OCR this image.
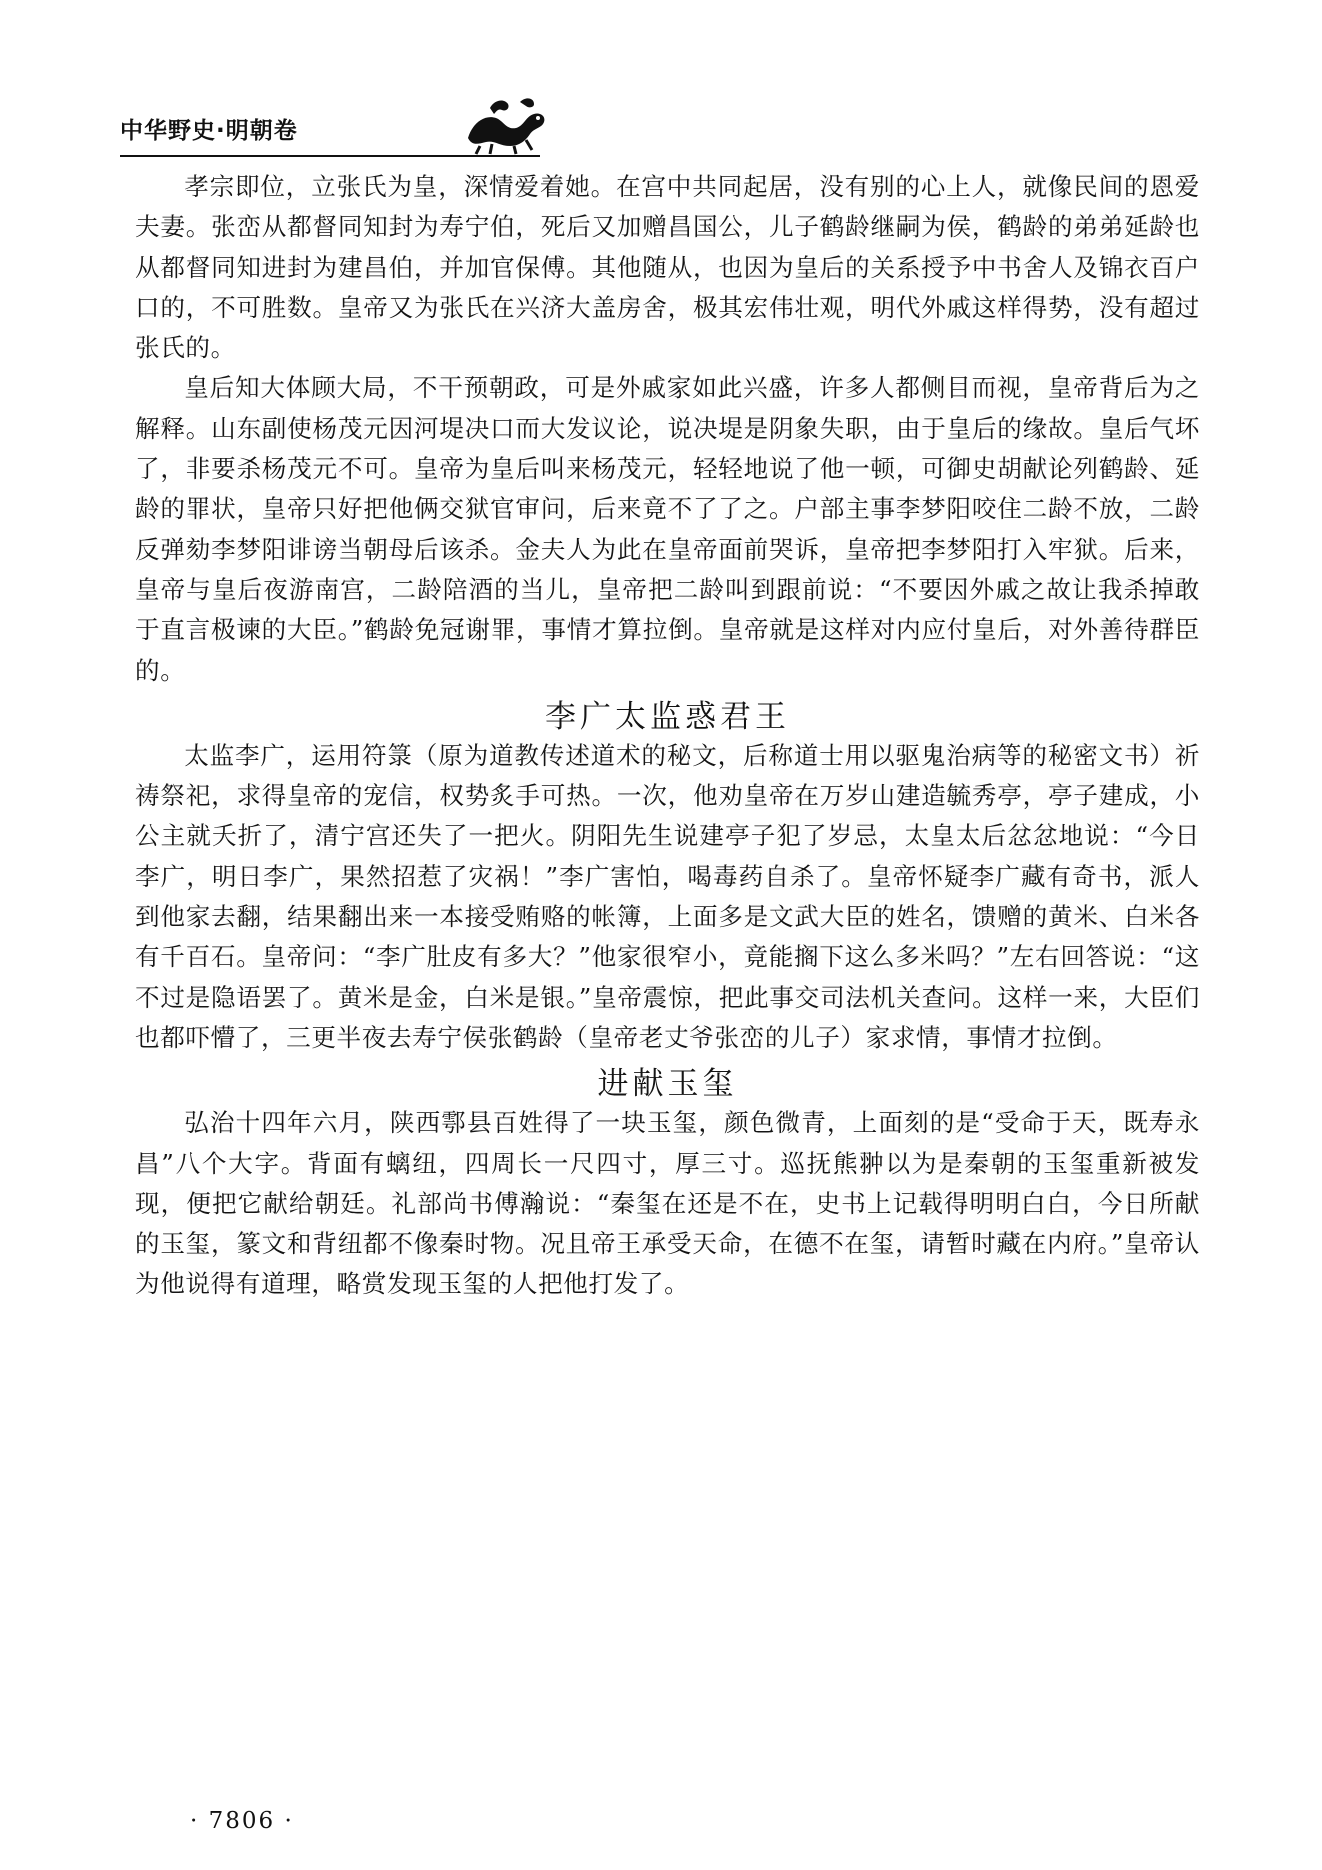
中华野史·明朝卷

孝宗即位，立张氏为皇，深情爱着她。在宫中共同起居，没有别的心上人，就像民间的恩爱夫妻。张峦从都督同知封为寿宁伯，死后又加赠昌国公，儿子鹤龄继嗣为侯，鹤龄的弟弟延龄也从都督同知进封为建昌伯，并加官保傅。其他随从，也因为皇后的关系授予中书舍人及锦衣百户口的，不可胜数。皇帝又为张氏在兴济大盖房舍，极其宏伟壮观，明代外戚这样得势，没有超过张氏的。

皇后知大体顾大局，不干预朝政，可是外戚家如此兴盛，许多人都侧目而视，皇帝背后为之解释。山东副使杨茂元因河堤决口而大发议论，说决堤是阴象失职，由于皇后的缘故。皇后气坏了，非要杀杨茂元不可。皇帝为皇后叫来杨茂元，轻轻地说了他一顿，可御史胡献论列鹤龄、延龄的罪状，皇帝只好把他俩交狱官审问，后来竟不了了之。户部主事李梦阳咬住二龄不放，二龄反弹劾李梦阳诽谤当朝母后该杀。金夫人为此在皇帝面前哭诉，皇帝把李梦阳打入牢狱。后来，皇帝与皇后夜游南宫，二龄陪酒的当儿，皇帝把二龄叫到跟前说：“不要因外戚之故让我杀掉敢于直言极谏的大臣。”鹤龄免冠谢罪，事情才算拉倒。皇帝就是这样对内应付皇后，对外善待群臣的。

李广太监惑君王

太监李广，运用符箓（原为道教传述道术的秘文，后称道士用以驱鬼治病等的秘密文书）祈祷祭祀，求得皇帝的宠信，权势炙手可热。一次，他劝皇帝在万岁山建造毓秀亭，亭子建成，小公主就夭折了，清宁宫还失了一把火。阴阳先生说建亭子犯了岁忌，太皇太后忿忿地说：“今日李广，明日李广，果然招惹了灾祸！”李广害怕，喝毒药自杀了。皇帝怀疑李广藏有奇书，派人到他家去翻，结果翻出来一本接受贿赂的帐簿，上面多是文武大臣的姓名，馈赠的黄米、白米各有千百石。皇帝问：“李广肚皮有多大？”他家很窄小，竟能搁下这么多米吗？”左右回答说：“这不过是隐语罢了。黄米是金，白米是银。”皇帝震惊，把此事交司法机关查问。这样一来，大臣们也都吓懵了，三更半夜去寿宁侯张鹤龄（皇帝老丈爷张峦的儿子）家求情，事情才拉倒。

进献玉玺

弘治十四年六月，陕西鄠县百姓得了一块玉玺，颜色微青，上面刻的是“受命于天，既寿永昌”八个大字。背面有螭纽，四周长一尺四寸，厚三寸。巡抚熊翀以为是秦朝的玉玺重新被发现，便把它献给朝廷。礼部尚书傅瀚说：“秦玺在还是不在，史书上记载得明明白白，今日所献的玉玺，篆文和背纽都不像秦时物。况且帝王承受天命，在德不在玺，请暂时藏在内府。”皇帝认为他说得有道理，略赏发现玉玺的人把他打发了。

· 7806 ·
